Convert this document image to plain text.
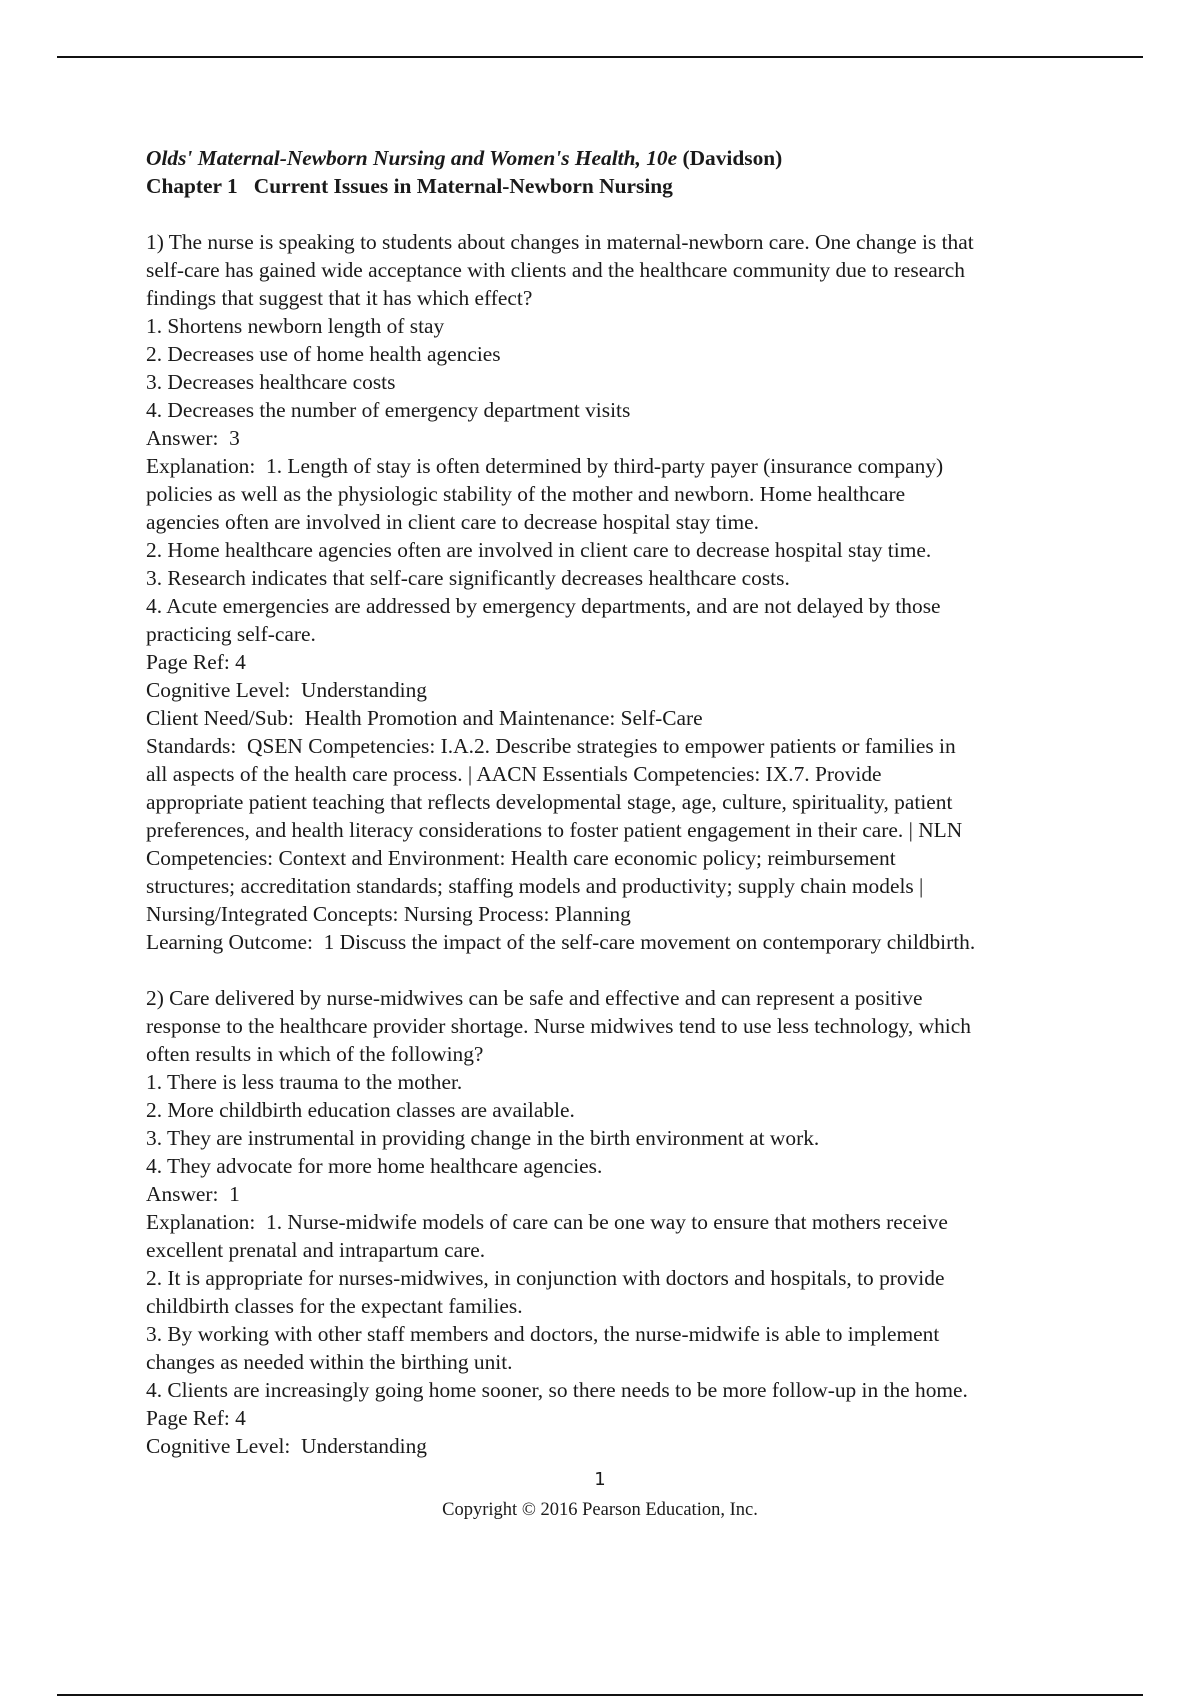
Olds' Maternal-Newborn Nursing and Women's Health, 10e (Davidson)
Chapter 1   Current Issues in Maternal-Newborn Nursing
1) The nurse is speaking to students about changes in maternal-newborn care. One change is that
self-care has gained wide acceptance with clients and the healthcare community due to research
findings that suggest that it has which effect?
1. Shortens newborn length of stay
2. Decreases use of home health agencies
3. Decreases healthcare costs
4. Decreases the number of emergency department visits
Answer:  3
Explanation:  1. Length of stay is often determined by third-party payer (insurance company)
policies as well as the physiologic stability of the mother and newborn. Home healthcare
agencies often are involved in client care to decrease hospital stay time.
2. Home healthcare agencies often are involved in client care to decrease hospital stay time.
3. Research indicates that self-care significantly decreases healthcare costs.
4. Acute emergencies are addressed by emergency departments, and are not delayed by those
practicing self-care.
Page Ref: 4
Cognitive Level:  Understanding
Client Need/Sub:  Health Promotion and Maintenance: Self-Care
Standards:  QSEN Competencies: I.A.2. Describe strategies to empower patients or families in
all aspects of the health care process. | AACN Essentials Competencies: IX.7. Provide
appropriate patient teaching that reflects developmental stage, age, culture, spirituality, patient
preferences, and health literacy considerations to foster patient engagement in their care. | NLN
Competencies: Context and Environment: Health care economic policy; reimbursement
structures; accreditation standards; staffing models and productivity; supply chain models |
Nursing/Integrated Concepts: Nursing Process: Planning
Learning Outcome:  1 Discuss the impact of the self-care movement on contemporary childbirth.
2) Care delivered by nurse-midwives can be safe and effective and can represent a positive
response to the healthcare provider shortage. Nurse midwives tend to use less technology, which
often results in which of the following?
1. There is less trauma to the mother.
2. More childbirth education classes are available.
3. They are instrumental in providing change in the birth environment at work.
4. They advocate for more home healthcare agencies.
Answer:  1
Explanation:  1. Nurse-midwife models of care can be one way to ensure that mothers receive
excellent prenatal and intrapartum care.
2. It is appropriate for nurses-midwives, in conjunction with doctors and hospitals, to provide
childbirth classes for the expectant families.
3. By working with other staff members and doctors, the nurse-midwife is able to implement
changes as needed within the birthing unit.
4. Clients are increasingly going home sooner, so there needs to be more follow-up in the home.
Page Ref: 4
Cognitive Level:  Understanding
1
Copyright © 2016 Pearson Education, Inc.
